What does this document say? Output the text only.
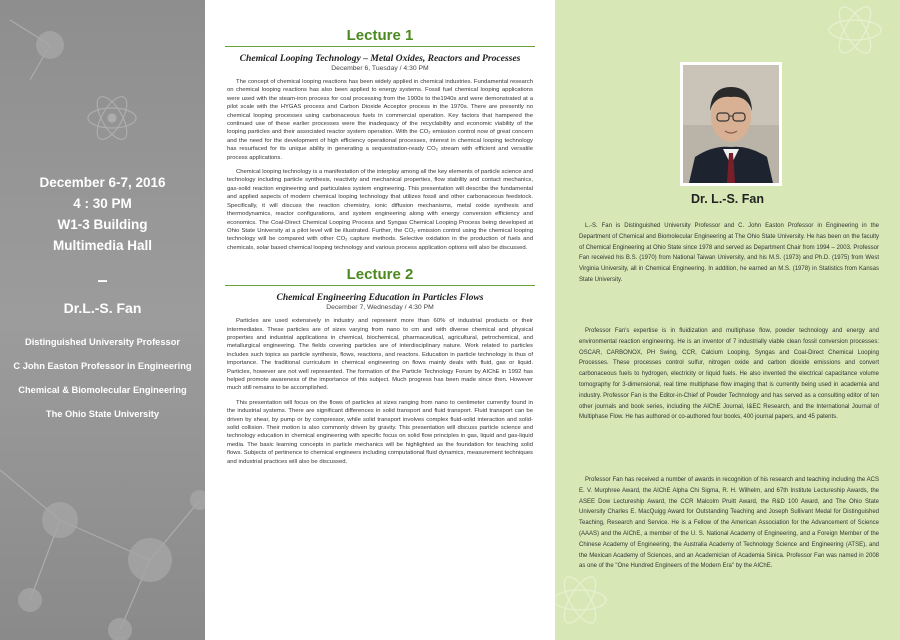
December 6-7, 2016
4 : 30 PM
W1-3 Building
Multimedia Hall
–
Dr.L.-S. Fan
Distinguished University Professor
C John Easton Professor in Engineering
Chemical & Biomolecular Engineering
The Ohio State University
Lecture 1
Chemical Looping Technology – Metal Oxides, Reactors and Processes
December 6, Tuesday / 4:30 PM

The concept of chemical looping reactions has been widely applied in chemical industries. Fundamental research on chemical looping reactions has also been applied to energy systems. Fossil fuel chemical looping applications were used with the steam-iron process for coal processing from the 1900s to the1940s and were demonstrated at a pilot scale with the HYGAS process and Carbon Dioxide Acceptor process in the 1970s. There are presently no chemical looping processes using carbonaceous fuels in commercial operation. Key factors that hampered the continued use of these earlier processes were the inadequacy of the recyclability and economic viability of the looping particles and their associated reactor system operation. With the CO₂ emission control now of great concern and the need for the development of high efficiency operational processes, interest in chemical looping technology has resurfaced for its unique ability in generating a sequestration-ready CO₂ stream with efficient and versatile process applications.

Chemical looping technology is a manifestation of the interplay among all the key elements of particle science and technology including particle synthesis, reactivity and mechanical properties, flow stability and contact mechanics, gas-solid reaction engineering and particulates system engineering. This presentation will describe the fundamental and applied aspects of modern chemical looping technology that utilizes fossil and other carbonaceous feedstock. Specifically, it will discuss the reaction chemistry, ionic diffusion mechanisms, metal oxide synthesis and thermodynamics, reactor configurations, and system engineering along with energy conversion efficiency and economics. The Coal-Direct Chemical Looping Process and Syngas Chemical Looping Process being developed at Ohio State University at a pilot level will be illustrated. Further, the CO₂ emission control using the chemical looping technology will be compared with other CO₂ capture methods. Selective oxidation in the production of fuels and chemicals, solar based chemical looping technology and various process application options will also be discussed.

Lecture 2
Chemical Engineering Education in Particles Flows
December 7, Wednesday / 4:30 PM

Particles are used extensively in industry and represent more than 60% of industrial products or their intermediates. These particles are of sizes varying from nano to cm and with diverse chemical and physical properties and industrial applications in chemical, biochemical, pharmaceutical, agricultural, petrochemical, and metallurgical engineering. The fields covering particles are of interdisciplinary nature. Work related to particles includes such topics as particle synthesis, flows, reactions, and reactors. Education in particle technology is thus of importance. The traditional curriculum in chemical engineering on flows mainly deals with fluid, gas or liquid. Particles, however are not well represented. The formation of the Particle Technology Forum by AIChE in 1992 has helped promote awareness of the importance of this subject. Much progress has been made since then. However much still remains to be accomplished.

This presentation will focus on the flows of particles at sizes ranging from nano to centimeter currently found in the industrial systems. There are significant differences in solid transport and fluid transport. Fluid transport can be driven by shear, by pump or by compressor, while solid transport involves complex fluid-solid interaction and solid-solid collision. Their motion is also commonly driven by gravity. This presentation will discuss particle science and technology education in chemical engineering with specific focus on solid flow principles in gas, liquid and gas-liquid media. The basic learning concepts in particle mechanics will be highlighted as the foundation for teaching solid flows. Subjects of pertinence to chemical engineers including computational fluid dynamics, measurement techniques and industrial practices will also be discussed.

Dr. L.-S. Fan

L.-S. Fan is Distinguished University Professor and C. John Easton Professor in Engineering in the Department of Chemical and Biomolecular Engineering at The Ohio State University. He has been on the faculty of Chemical Engineering at Ohio State since 1978 and served as Department Chair from 1994 – 2003. Professor Fan received his B.S. (1970) from National Taiwan University, and his M.S. (1973) and Ph.D. (1975) from West Virginia University, all in Chemical Engineering. In addition, he earned an M.S. (1978) in Statistics from Kansas State University.

Professor Fan's expertise is in fluidization and multiphase flow, powder technology and energy and environmental reaction engineering. He is an inventor of 7 industrially viable clean fossil conversion processes: OSCAR, CARBONOX, PH Swing, CCR, Calcium Looping, Syngas and Coal-Direct Chemical Looping Processes. These processes control sulfur, nitrogen oxide and carbon dioxide emissions and convert carbonaceous fuels to hydrogen, electricity or liquid fuels. He also invented the electrical capacitance volume tomography for 3-dimensional, real time multiphase flow imaging that is currently being used in academia and industry. Professor Fan is the Editor-in-Chief of Powder Technology and has served as a consulting editor of ten other journals and book series, including the AIChE Journal, I&EC Research, and the International Journal of Multiphase Flow. He has authored or co-authored four books, 400 journal papers, and 45 patents.

Professor Fan has received a number of awards in recognition of his research and teaching including the ACS E. V. Murphree Award, the AIChE Alpha Chi Sigma, R. H. Wilhelm, and 67th Institute Lectureship Awards, the ASEE Dow Lectureship Award, the CCR Malcolm Pruitt Award, the R&D 100 Award, and The Ohio State University Charles E. MacQuigg Award for Outstanding Teaching and Joseph Sullivant Medal for Distinguished Teaching, Research and Service. He is a Fellow of the American Association for the Advancement of Science (AAAS) and the AIChE, a member of the U. S. National Academy of Engineering, and a Foreign Member of the Chinese Academy of Engineering, the Australia Academy of Technology Science and Engineering (ATSE), and the Mexican Academy of Sciences, and an Academician of Academia Sinica. Professor Fan was named in 2008 as one of the "One Hundred Engineers of the Modern Era" by the AIChE.
